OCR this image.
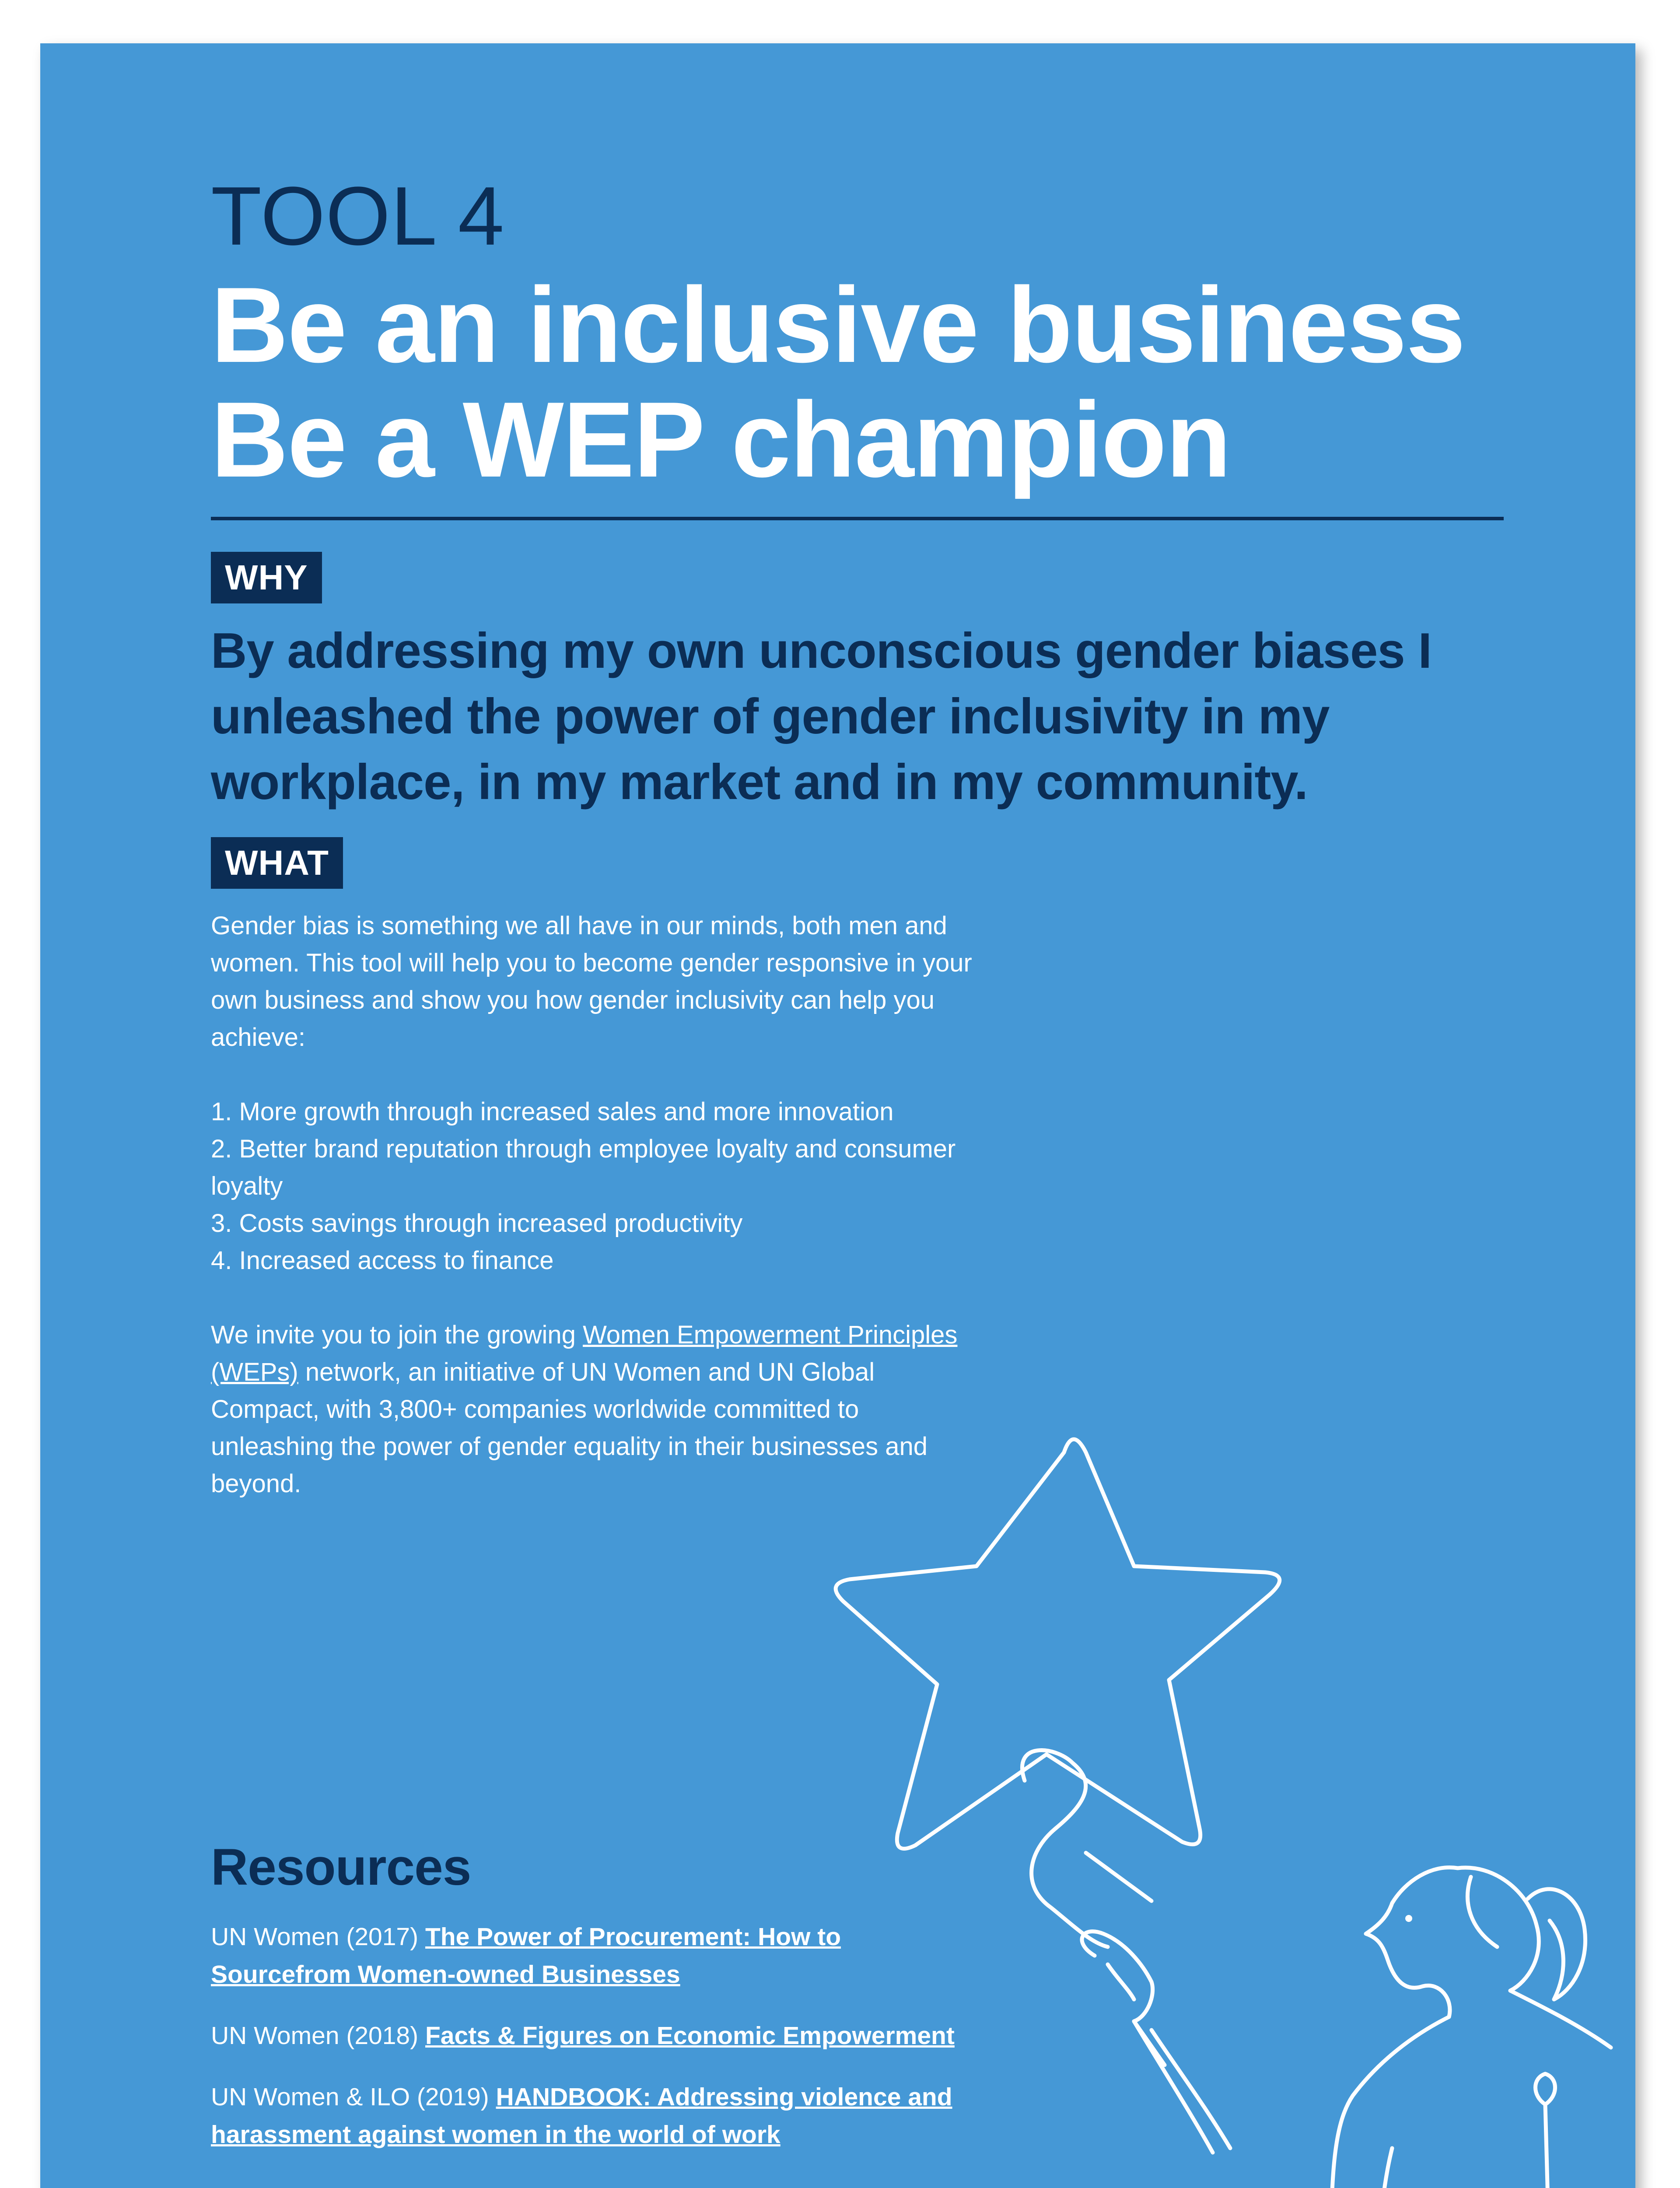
TOOL 4
Be an inclusive business
Be a WEP champion
WHY

By addressing my own unconscious gender biases I unleashed the power of gender inclusivity in my workplace, in my market and in my community.

WHAT

Gender bias is something we all have in our minds, both men and women. This tool will help you to become gender responsive in your own business and show you how gender inclusivity can help you achieve:

1. More growth through increased sales and more innovation
2. Better brand reputation through employee loyalty and consumer loyalty
3. Costs savings through increased productivity
4. Increased access to finance

We invite you to join the growing Women Empowerment Principles (WEPs) network, an initiative of UN Women and UN Global Compact, with 3,800+ companies worldwide committed to unleashing the power of gender equality in their businesses and beyond.

Resources

UN Women (2017) The Power of Procurement: How to Sourcefrom Women-owned Businesses

UN Women (2018) Facts & Figures on Economic Empowerment

UN Women & ILO (2019) HANDBOOK: Addressing violence and harassment against women in the world of work
